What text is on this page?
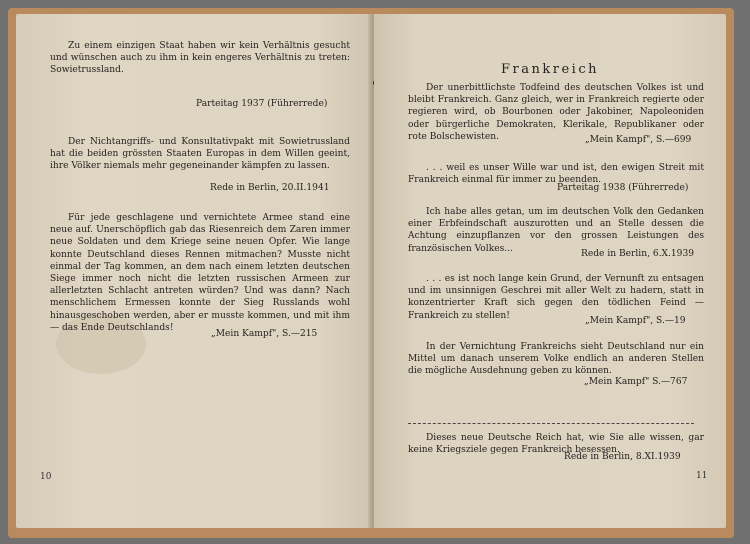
Zu einem einzigen Staat haben wir kein Verhältnis gesucht und wünschen auch zu ihm in kein engeres Verhältnis zu treten: Sowietrussland.

Parteitag 1937 (Führerrede)

Der Nichtangriffs- und Konsultativpakt mit Sowietrussland hat die beiden grössten Staaten Europas in dem Willen geeint, ihre Völker niemals mehr gegeneinander kämpfen zu lassen.

Rede in Berlin, 20.II.1941

Für jede geschlagene und vernichtete Armee stand eine neue auf. Unerschöpflich gab das Riesenreich dem Zaren immer neue Soldaten und dem Kriege seine neuen Opfer. Wie lange konnte Deutschland dieses Rennen mitmachen? Musste nicht einmal der Tag kommen, an dem nach einem letzten deutschen Siege immer noch nicht die letzten russischen Armeen zur allerletzten Schlacht antreten würden? Und was dann? Nach menschlichem Ermessen konnte der Sieg Russlands wohl hinausgeschoben werden, aber er musste kommen, und mit ihm — das Ende Deutschlands!

„Mein Kampf", S.—215
10
Frankreich

Der unerbittlichste Todfeind des deutschen Volkes ist und bleibt Frankreich. Ganz gleich, wer in Frankreich regierte oder regieren wird, ob Bourbonen oder Jakobiner, Napoleoniden oder bürgerliche Demokraten, Klerikale, Republikaner oder rote Bolschewisten.	„Mein Kampf", S.—699

. . . weil es unser Wille war und ist, den ewigen Streit mit Frankreich einmal für immer zu beenden.

Parteitag 1938 (Führerrede)

Ich habe alles getan, um im deutschen Volk den Gedanken einer Erbfeindschaft auszurotten und an Stelle dessen die Achtung einzupflanzen vor den grossen Leistungen des französischen Volkes...

Rede in Berlin, 6.X.1939

. . . es ist noch lange kein Grund, der Vernunft zu entsagen und im unsinnigen Geschrei mit aller Welt zu hadern, statt in konzentrierter Kraft sich gegen den tödlichen Feind — Frankreich zu stellen!

„Mein Kampf", S.—19

In der Vernichtung Frankreichs sieht Deutschland nur ein Mittel um danach unserem Volke endlich an anderen Stellen die mögliche Ausdehnung geben zu können.

„Mein Kampf" S.—767

Dieses neue Deutsche Reich hat, wie Sie alle wissen, gar keine Kriegsziele gegen Frankreich besessen.

Rede in Berlin, 8.XI.1939
11
